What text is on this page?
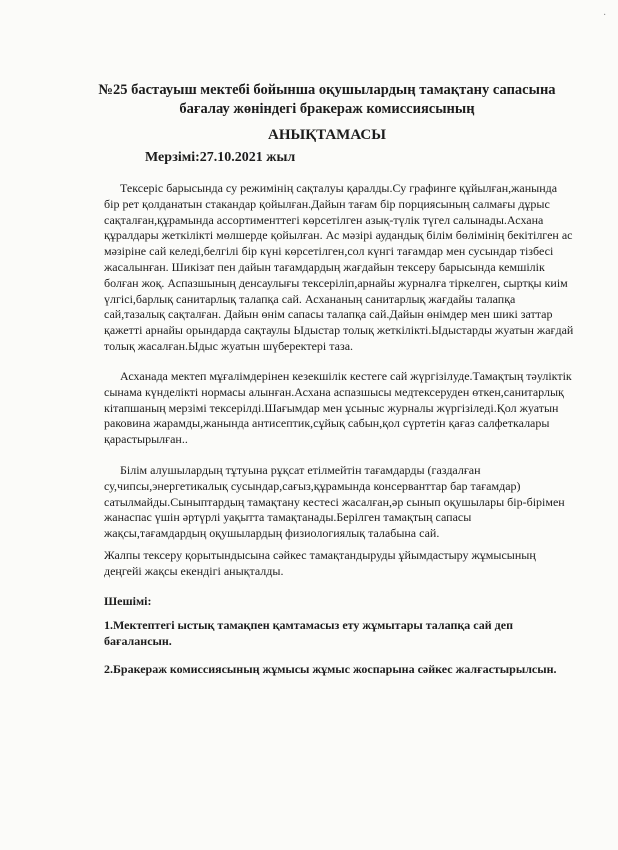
·
№25 бастауыш мектебі бойынша оқушылардың тамақтану сапасына бағалау жөніндегі бракераж комиссиясының
АНЫҚТАМАСЫ

Мерзімі:27.10.2021 жыл

Тексеріс барысында су режимінің сақталуы қаралды.Су графинге құйылған,жанында бір рет қолданатын стакандар қойылған.Дайын тағам бір порциясының салмағы дұрыс сақталған,құрамында ассортименттегі көрсетілген азық-түлік түгел салынады.Асхана құралдары жеткілікті мөлшерде қойылған. Ас мәзірі аудандық білім бөлімінің бекітілген ас мәзіріне сай келеді,белгілі бір күні көрсетілген,сол күнгі тағамдар мен сусындар тізбесі жасалынған. Шикізат пен дайын тағамдардың жағдайын тексеру барысында кемшілік болған жоқ. Аспазшының денсаулығы тексеріліп,арнайы журналға тіркелген, сыртқы киім үлгісі,барлық санитарлық талапқа сай. Асхананың санитарлық жағдайы талапқа сай,тазалық сақталған. Дайын өнім сапасы талапқа сай.Дайын өнімдер мен шикі заттар қажетті арнайы орындарда сақтаулы Ыдыстар толық жеткілікті.Ыдыстарды жуатын жағдай толық жасалған.Ыдыс жуатын шүберектері таза.

Асханада мектеп мұғалімдерінен кезекшілік кестеге сай жүргізілуде.Тамақтың тәуліктік сынама күнделікті нормасы алынған.Асхана аспазшысы медтексеруден өткен,санитарлық кітапшаның мерзімі тексерілді.Шағымдар мен ұсыныс журналы жүргізіледі.Қол жуатын раковина жарамды,жанында антисептик,сұйық сабын,қол сүртетін қағаз салфеткалары қарастырылған..

Білім алушылардың тұтуына рұқсат етілмейтін тағамдарды (газдалған су,чипсы,энергетикалық сусындар,сағыз,құрамында консерванттар бар тағамдар) сатылмайды.Сыныптардың тамақтану кестесі жасалған,әр сынып оқушылары бір-бірімен жанаспас үшін әртүрлі уақытта тамақтанады.Берілген тамақтың сапасы жақсы,тағамдардың оқушылардың физиологиялық талабына сай.

Жалпы тексеру қорытындысына сәйкес тамақтандыруды ұйымдастыру жұмысының деңгейі жақсы екендігі анықталды.

Шешімі:

1.Мектептегі ыстық тамақпен қамтамасыз ету жұмытары талапқа сай деп бағалансын.

2.Бракераж комиссиясының жұмысы жұмыс жоспарына сәйкес жалғастырылсын.
